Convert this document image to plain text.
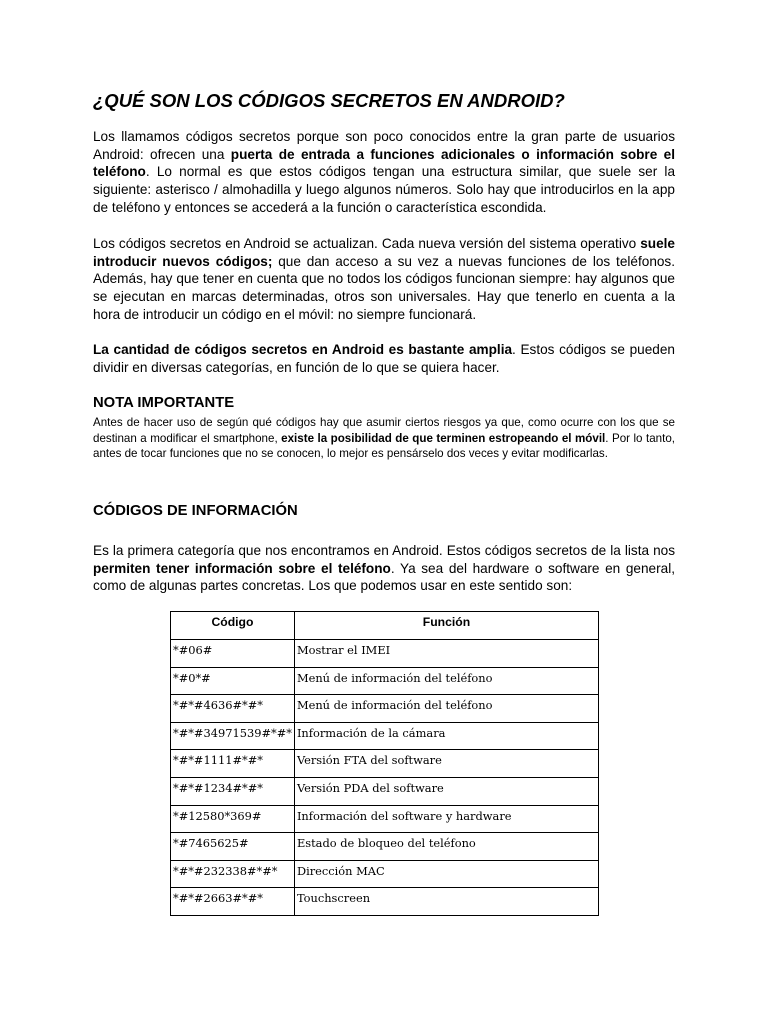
¿QUÉ SON LOS CÓDIGOS SECRETOS EN ANDROID?

Los llamamos códigos secretos porque son poco conocidos entre la gran parte de usuarios Android: ofrecen una puerta de entrada a funciones adicionales o información sobre el teléfono. Lo normal es que estos códigos tengan una estructura similar, que suele ser la siguiente: asterisco / almohadilla y luego algunos números. Solo hay que introducirlos en la app de teléfono y entonces se accederá a la función o característica escondida.

Los códigos secretos en Android se actualizan. Cada nueva versión del sistema operativo suele introducir nuevos códigos; que dan acceso a su vez a nuevas funciones de los teléfonos. Además, hay que tener en cuenta que no todos los códigos funcionan siempre: hay algunos que se ejecutan en marcas determinadas, otros son universales. Hay que tenerlo en cuenta a la hora de introducir un código en el móvil: no siempre funcionará.

La cantidad de códigos secretos en Android es bastante amplia. Estos códigos se pueden dividir en diversas categorías, en función de lo que se quiera hacer.

NOTA IMPORTANTE

Antes de hacer uso de según qué códigos hay que asumir ciertos riesgos ya que, como ocurre con los que se destinan a modificar el smartphone, existe la posibilidad de que terminen estropeando el móvil. Por lo tanto, antes de tocar funciones que no se conocen, lo mejor es pensárselo dos veces y evitar modificarlas.

CÓDIGOS DE INFORMACIÓN

Es la primera categoría que nos encontramos en Android. Estos códigos secretos de la lista nos permiten tener información sobre el teléfono. Ya sea del hardware o software en general, como de algunas partes concretas. Los que podemos usar en este sentido son:

Código	Función
*#06#	Mostrar el IMEI
*#0*#	Menú de información del teléfono
*#*#4636#*#*	Menú de información del teléfono
*#*#34971539#*#*	Información de la cámara
*#*#1111#*#*	Versión FTA del software
*#*#1234#*#*	Versión PDA del software
*#12580*369#	Información del software y hardware
*#7465625#	Estado de bloqueo del teléfono
*#*#232338#*#*	Dirección MAC
*#*#2663#*#*	Touchscreen
